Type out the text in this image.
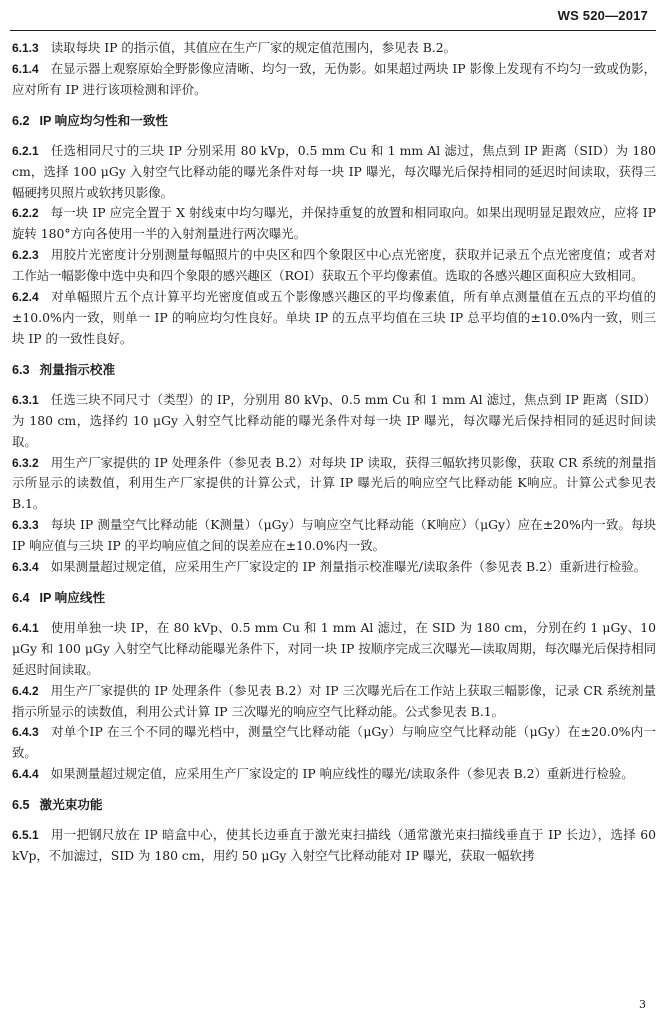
WS 520—2017
6.1.3 读取每块 IP 的指示值，其值应在生产厂家的规定值范围内，参见表 B.2。
6.1.4 在显示器上观察原始全野影像应清晰、均匀一致，无伪影。如果超过两块 IP 影像上发现有不均匀一致或伪影，应对所有 IP 进行该项检测和评价。
6.2 IP 响应均匀性和一致性
6.2.1 任选相同尺寸的三块 IP 分别采用 80 kVp，0.5 mm Cu 和 1 mm Al 滤过，焦点到 IP 距离（SID）为 180 cm，选择 100 μGy 入射空气比释动能的曝光条件对每一块 IP 曝光，每次曝光后保持相同的延迟时间读取，获得三幅硬拷贝照片或软拷贝影像。
6.2.2 每一块 IP 应完全置于 X 射线束中均匀曝光，并保持重复的放置和相同取向。如果出现明显足跟效应，应将 IP 旋转 180°方向各使用一半的入射剂量进行两次曝光。
6.2.3 用胶片光密度计分别测量每幅照片的中央区和四个象限区中心点光密度，获取并记录五个点光密度值；或者对工作站一幅影像中选中央和四个象限的感兴趣区（ROI）获取五个平均像素值。选取的各感兴趣区面积应大致相同。
6.2.4 对单幅照片五个点计算平均光密度值或五个影像感兴趣区的平均像素值，所有单点测量值在五点的平均值的±10.0%内一致，则单一 IP 的响应均匀性良好。单块 IP 的五点平均值在三块 IP 总平均值的±10.0%内一致，则三块 IP 的一致性良好。
6.3 剂量指示校准
6.3.1 任选三块不同尺寸（类型）的 IP，分别用 80 kVp、0.5 mm Cu 和 1 mm Al 滤过，焦点到 IP 距离（SID）为 180 cm，选择约 10 μGy 入射空气比释动能的曝光条件对每一块 IP 曝光，每次曝光后保持相同的延迟时间读取。
6.3.2 用生产厂家提供的 IP 处理条件（参见表 B.2）对每块 IP 读取，获得三幅软拷贝影像，获取 CR 系统的剂量指示所显示的读数值，利用生产厂家提供的计算公式，计算 IP 曝光后的响应空气比释动能 K响应。计算公式参见表 B.1。
6.3.3 每块 IP 测量空气比释动能（K测量）（μGy）与响应空气比释动能（K响应）（μGy）应在±20%内一致。每块 IP 响应值与三块 IP 的平均响应值之间的误差应在±10.0%内一致。
6.3.4 如果测量超过规定值，应采用生产厂家设定的 IP 剂量指示校准曝光/读取条件（参见表 B.2）重新进行检验。
6.4 IP 响应线性
6.4.1 使用单独一块 IP，在 80 kVp、0.5 mm Cu 和 1 mm Al 滤过，在 SID 为 180 cm，分别在约 1 μGy、10 μGy 和 100 μGy 入射空气比释动能曝光条件下，对同一块 IP 按顺序完成三次曝光—读取周期，每次曝光后保持相同延迟时间读取。
6.4.2 用生产厂家提供的 IP 处理条件（参见表 B.2）对 IP 三次曝光后在工作站上获取三幅影像，记录 CR 系统剂量指示所显示的读数值，利用公式计算 IP 三次曝光的响应空气比释动能。公式参见表 B.1。
6.4.3 对单个IP 在三个不同的曝光档中，测量空气比释动能（μGy）与响应空气比释动能（μGy）在±20.0%内一致。
6.4.4 如果测量超过规定值，应采用生产厂家设定的 IP 响应线性的曝光/读取条件（参见表 B.2）重新进行检验。
6.5 激光束功能
6.5.1 用一把钢尺放在 IP 暗盒中心，使其长边垂直于激光束扫描线（通常激光束扫描线垂直于 IP 长边），选择 60 kVp，不加滤过，SID 为 180 cm，用约 50 μGy 入射空气比释动能对 IP 曝光，获取一幅软拷
3
